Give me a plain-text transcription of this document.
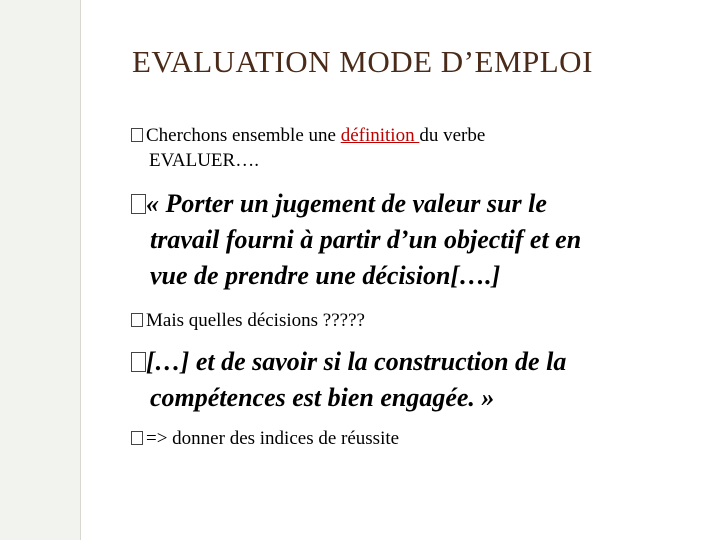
EVALUATION MODE D’EMPLOI
Cherchons ensemble une définition du verbe
EVALUER….
« Porter un jugement de valeur sur le
travail fourni à partir d’un objectif et en
vue de prendre une décision[….]
Mais quelles décisions ?????
[…] et de savoir si la construction de la
compétences est bien engagée. »
=> donner des indices de réussite
